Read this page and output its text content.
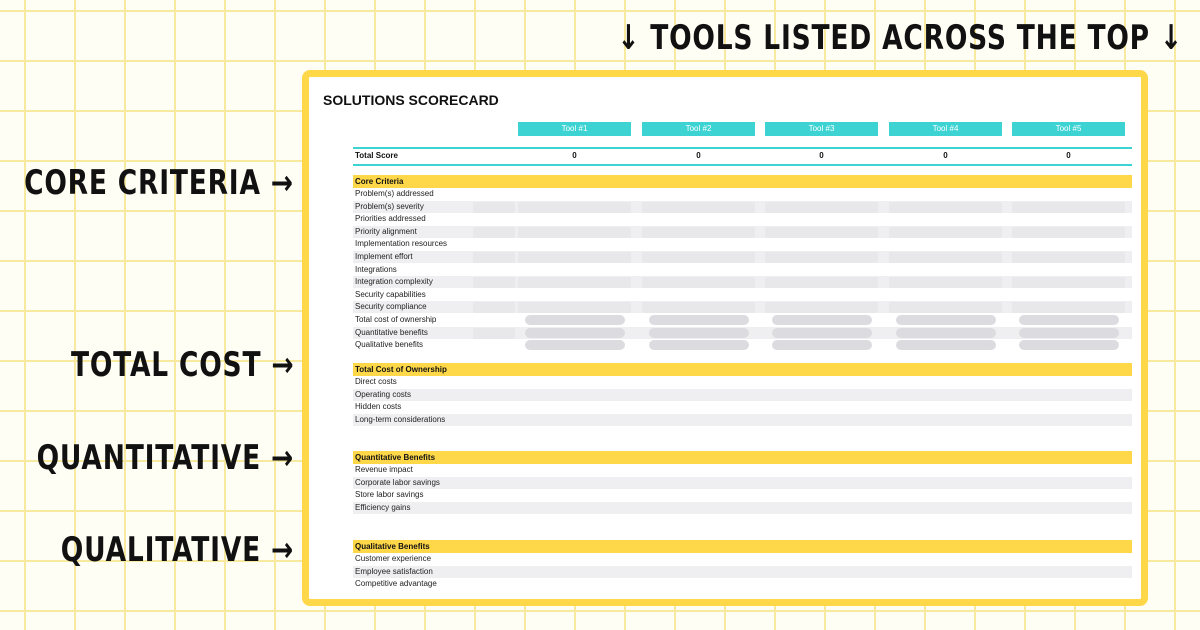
↓ TOOLS LISTED ACROSS THE TOP ↓
CORE CRITERIA →
TOTAL COST →
QUANTITATIVE →
QUALITATIVE →
SOLUTIONS SCORECARD
Tool #1	Tool #2	Tool #3	Tool #4	Tool #5
Total Score	0	0	0	0	0
Core Criteria
Problem(s) addressed
Problem(s) severity
Priorities addressed
Priority alignment
Implementation resources
Implement effort
Integrations
Integration complexity
Security capabilities
Security compliance
Total cost of ownership
Quantitative benefits
Qualitative benefits
Total Cost of Ownership
Direct costs
Operating costs
Hidden costs
Long-term considerations
Quantitative Benefits
Revenue impact
Corporate labor savings
Store labor savings
Efficiency gains
Qualitative Benefits
Customer experience
Employee satisfaction
Competitive advantage
